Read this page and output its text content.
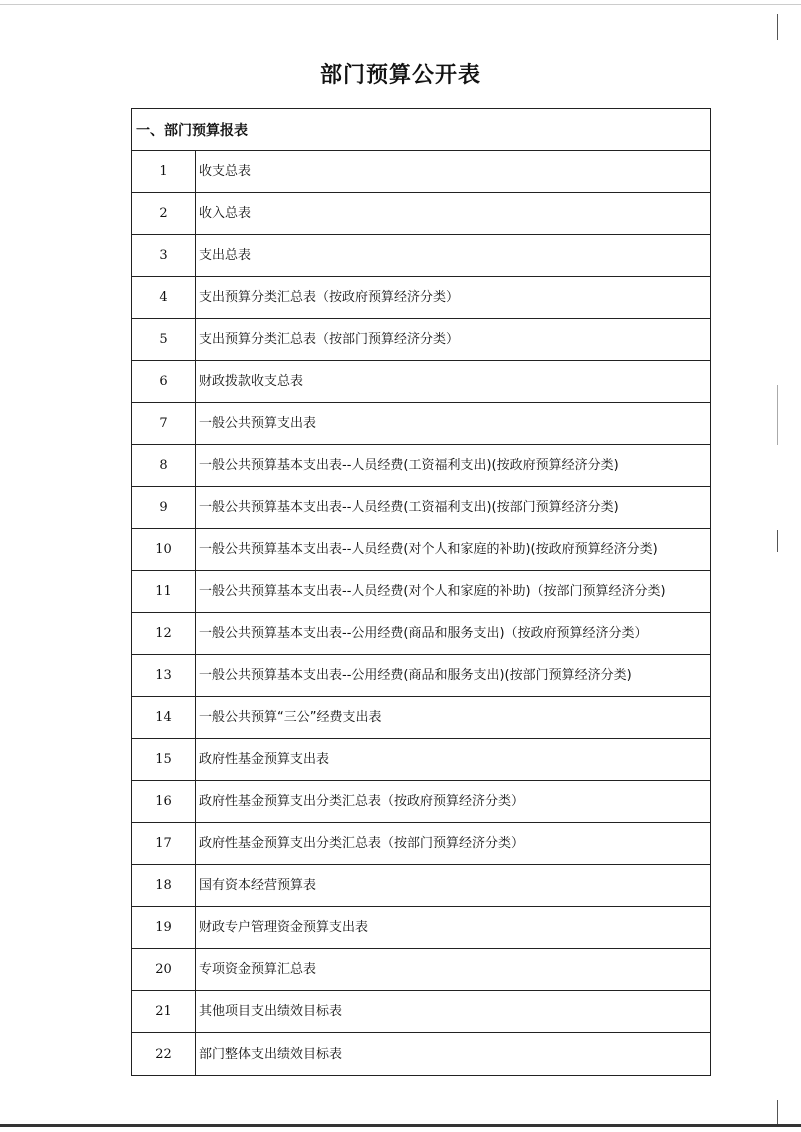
部门预算公开表
一、部门预算报表
1	收支总表
2	收入总表
3	支出总表
4	支出预算分类汇总表（按政府预算经济分类）
5	支出预算分类汇总表（按部门预算经济分类）
6	财政拨款收支总表
7	一般公共预算支出表
8	一般公共预算基本支出表--人员经费(工资福利支出)(按政府预算经济分类)
9	一般公共预算基本支出表--人员经费(工资福利支出)(按部门预算经济分类)
10	一般公共预算基本支出表--人员经费(对个人和家庭的补助)(按政府预算经济分类)
11	一般公共预算基本支出表--人员经费(对个人和家庭的补助)（按部门预算经济分类)
12	一般公共预算基本支出表--公用经费(商品和服务支出)（按政府预算经济分类）
13	一般公共预算基本支出表--公用经费(商品和服务支出)(按部门预算经济分类)
14	一般公共预算“三公”经费支出表
15	政府性基金预算支出表
16	政府性基金预算支出分类汇总表（按政府预算经济分类）
17	政府性基金预算支出分类汇总表（按部门预算经济分类）
18	国有资本经营预算表
19	财政专户管理资金预算支出表
20	专项资金预算汇总表
21	其他项目支出绩效目标表
22	部门整体支出绩效目标表
